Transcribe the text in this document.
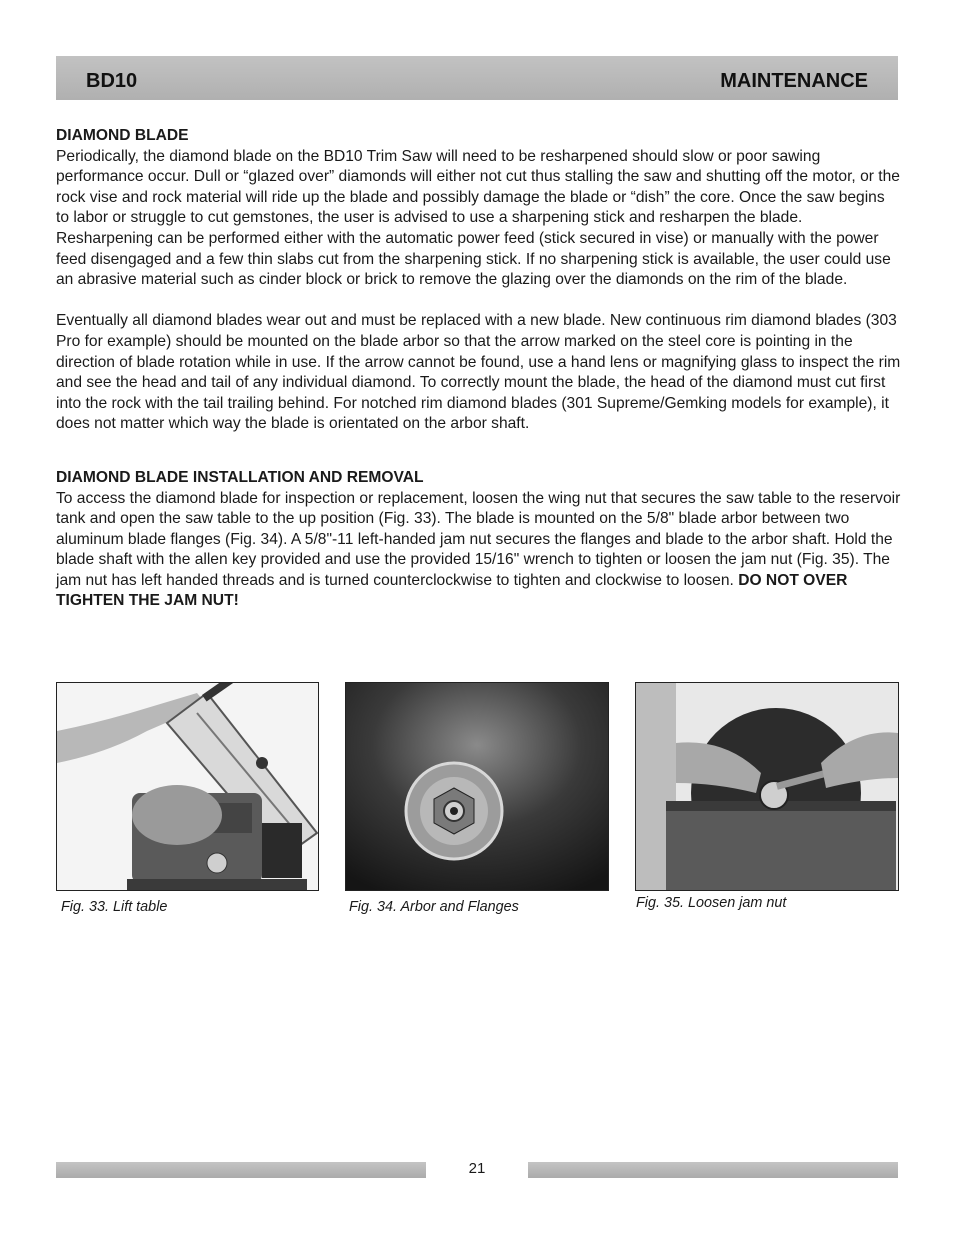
BD10	MAINTENANCE
DIAMOND BLADE

Periodically, the diamond blade on the BD10 Trim Saw will need to be resharpened should slow or poor sawing performance occur. Dull or “glazed over” diamonds will either not cut thus stalling the saw and shutting off the motor, or the rock vise and rock material will ride up the blade and possibly damage the blade or “dish” the core. Once the saw begins to labor or struggle to cut gemstones, the user is advised to use a sharpening stick and resharpen the blade. Resharpening can be performed either with the automatic power feed (stick secured in vise) or manually with the power feed disengaged and a few thin slabs cut from the sharpening stick. If no sharpening stick is available, the user could use an abrasive material such as cinder block or brick to remove the glazing over the diamonds on the rim of the blade.

Eventually all diamond blades wear out and must be replaced with a new blade. New continuous rim diamond blades (303 Pro for example) should be mounted on the blade arbor so that the arrow marked on the steel core is pointing in the direction of blade rotation while in use. If the arrow cannot be found, use a hand lens or magnifying glass to inspect the rim and see the head and tail of any individual diamond. To correctly mount the blade, the head of the diamond must cut first into the rock with the tail trailing behind. For notched rim diamond blades (301 Supreme/Gemking models for example), it does not matter which way the blade is orientated on the arbor shaft.

DIAMOND BLADE INSTALLATION AND REMOVAL

To access the diamond blade for inspection or replacement, loosen the wing nut that secures the saw table to the reservoir tank and open the saw table to the up position (Fig. 33). The blade is mounted on the 5/8" blade arbor between two aluminum blade flanges (Fig. 34). A 5/8"-11 left-handed jam nut secures the flanges and blade to the arbor shaft. Hold the blade shaft with the allen key provided and use the provided 15/16" wrench to tighten or loosen the jam nut (Fig. 35). The jam nut has left handed threads and is turned counterclockwise to tighten and clockwise to loosen. DO NOT OVER TIGHTEN THE JAM NUT!

Fig. 33. Lift table	Fig. 34. Arbor and Flanges	Fig. 35. Loosen jam nut
21
